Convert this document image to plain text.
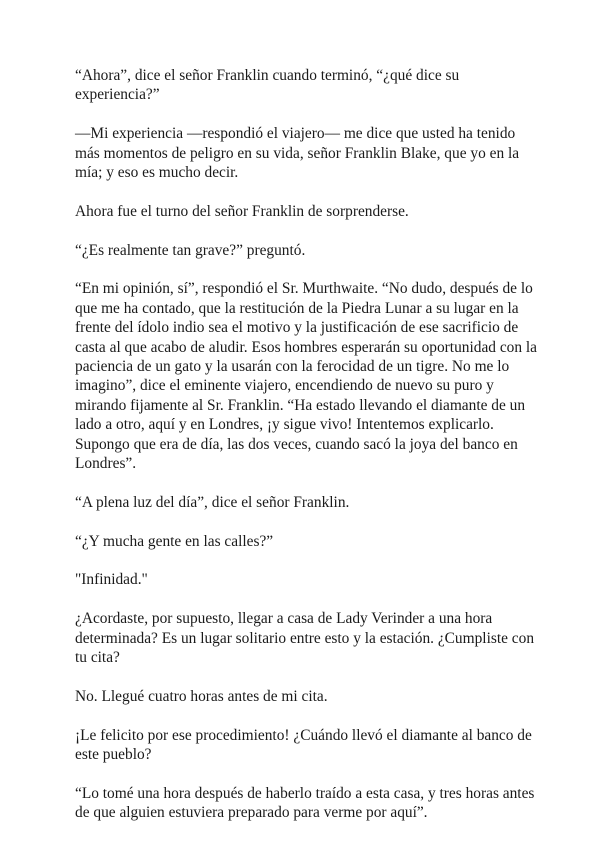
“Ahora”, dice el señor Franklin cuando terminó, “¿qué dice su experiencia?”

—Mi experiencia —respondió el viajero— me dice que usted ha tenido más momentos de peligro en su vida, señor Franklin Blake, que yo en la mía; y eso es mucho decir.

Ahora fue el turno del señor Franklin de sorprenderse.

“¿Es realmente tan grave?” preguntó.

“En mi opinión, sí”, respondió el Sr. Murthwaite. “No dudo, después de lo que me ha contado, que la restitución de la Piedra Lunar a su lugar en la frente del ídolo indio sea el motivo y la justificación de ese sacrificio de casta al que acabo de aludir. Esos hombres esperarán su oportunidad con la paciencia de un gato y la usarán con la ferocidad de un tigre. No me lo imagino”, dice el eminente viajero, encendiendo de nuevo su puro y mirando fijamente al Sr. Franklin. “Ha estado llevando el diamante de un lado a otro, aquí y en Londres, ¡y sigue vivo! Intentemos explicarlo. Supongo que era de día, las dos veces, cuando sacó la joya del banco en Londres”.

“A plena luz del día”, dice el señor Franklin.

“¿Y mucha gente en las calles?”

"Infinidad."

¿Acordaste, por supuesto, llegar a casa de Lady Verinder a una hora determinada? Es un lugar solitario entre esto y la estación. ¿Cumpliste con tu cita?

No. Llegué cuatro horas antes de mi cita.

¡Le felicito por ese procedimiento! ¿Cuándo llevó el diamante al banco de este pueblo?

“Lo tomé una hora después de haberlo traído a esta casa, y tres horas antes de que alguien estuviera preparado para verme por aquí”.
